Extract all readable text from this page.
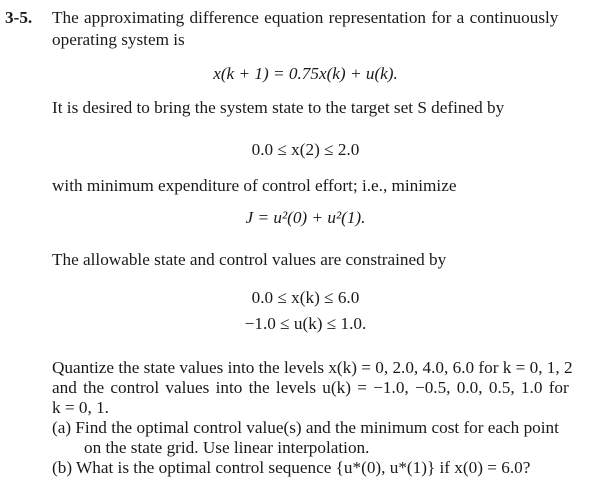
3-5. The approximating difference equation representation for a continuously
operating system is
x(k + 1) = 0.75x(k) + u(k).
It is desired to bring the system state to the target set S defined by
0.0 ≤ x(2) ≤ 2.0
with minimum expenditure of control effort; i.e., minimize
J = u²(0) + u²(1).
The allowable state and control values are constrained by
0.0 ≤ x(k) ≤ 6.0
−1.0 ≤ u(k) ≤ 1.0.
Quantize the state values into the levels x(k) = 0, 2.0, 4.0, 6.0 for k = 0, 1, 2
and the control values into the levels u(k) = −1.0, −0.5, 0.0, 0.5, 1.0 for
k = 0, 1.
(a) Find the optimal control value(s) and the minimum cost for each point
on the state grid. Use linear interpolation.
(b) What is the optimal control sequence {u*(0), u*(1)} if x(0) = 6.0?
